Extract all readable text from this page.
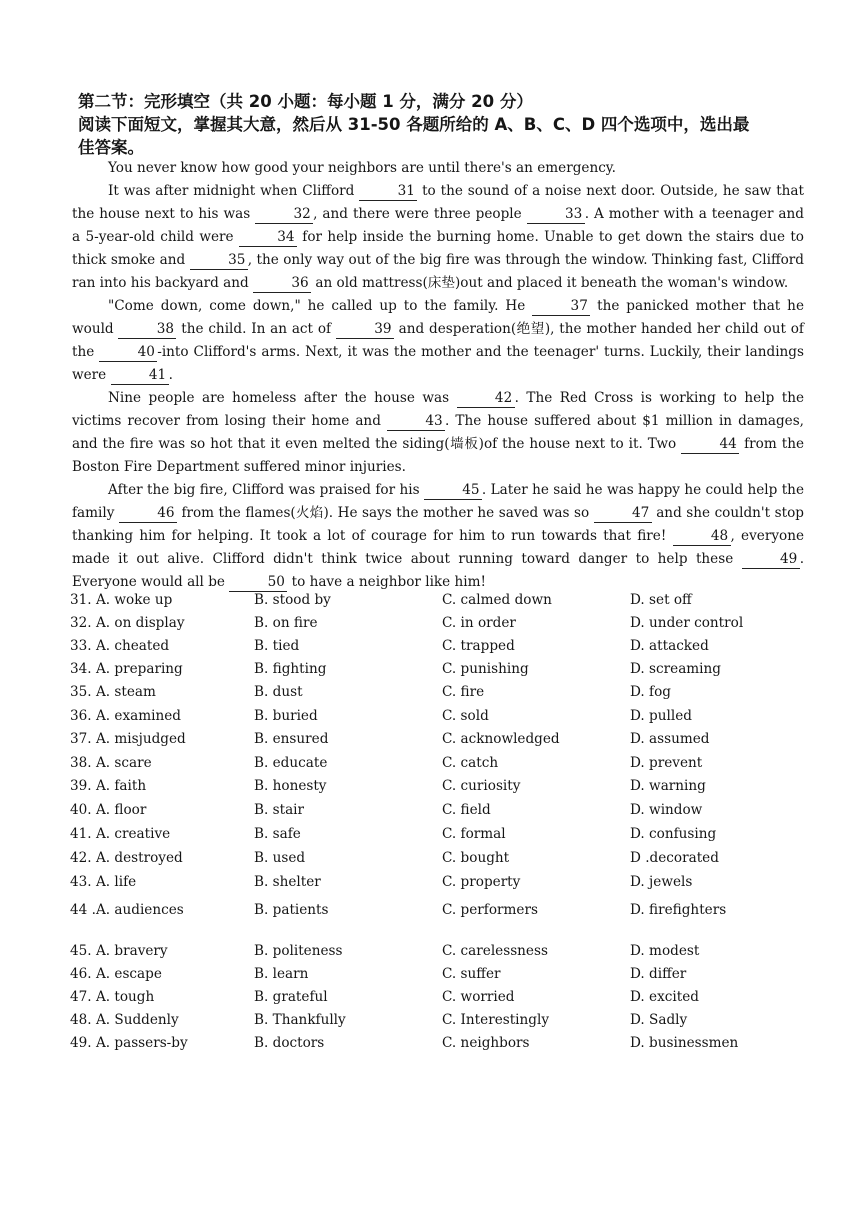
第二节：完形填空（共 20 小题：每小题 1 分，满分 20 分）
阅读下面短文，掌握其大意，然后从 31-50 各题所给的 A、B、C、D 四个选项中，选出最
佳答案。

You never know how good your neighbors are until there's an emergency.

It was after midnight when Clifford	31 to the sound of a noise next door. Outside, he saw that the house next to his was	32 , and there were three people	33 . A mother with a teenager and a 5-year-old child were	34 for help inside the burning home. Unable to get down the stairs due to thick smoke and	35 , the only way out of the big fire was through the window. Thinking fast, Clifford ran into his backyard and	36 an old mattress(床垫)out and placed it beneath the woman's window.

"Come down, come down," he called up to the family. He	37 the panicked mother that he would	38 the child. In an act of	39 and desperation(绝望), the mother handed her child out of the	40 -into Clifford's arms. Next, it was the mother and the teenager' turns. Luckily, their landings were	41 .

Nine people are homeless after the house was	42 . The Red Cross is working to help the victims recover from losing their home and	43 . The house suffered about $1 million in damages, and the fire was so hot that it even melted the siding(墙板)of the house next to it. Two	44 from the Boston Fire Department suffered minor injuries.

After the big fire, Clifford was praised for his	45 . Later he said he was happy he could help the family	46 from the flames(火焰). He says the mother he saved was so	47 and she couldn't stop thanking him for helping. It took a lot of courage for him to run towards that fire!	48 , everyone made it out alive. Clifford didn't think twice about running toward danger to help these	49 . Everyone would all be	50 to have a neighbor like him!

31. A. woke up	B. stood by	C. calmed down	D. set off
32. A. on display	B. on fire	C. in order	D. under control
33. A. cheated	B. tied	C. trapped	D. attacked
34. A. preparing	B. fighting	C. punishing	D. screaming
35. A. steam	B. dust	C. fire	D. fog
36. A. examined	B. buried	C. sold	D. pulled
37. A. misjudged	B. ensured	C. acknowledged	D. assumed
38. A. scare	B. educate	C. catch	D. prevent
39. A. faith	B. honesty	C. curiosity	D. warning
40. A. floor	B. stair	C. field	D. window
41. A. creative	B. safe	C. formal	D. confusing
42. A. destroyed	B. used	C. bought	D .decorated
43. A. life	B. shelter	C. property	D. jewels
44 .A. audiences	B. patients	C. performers	D. firefighters
45. A. bravery	B. politeness	C. carelessness	D. modest
46. A. escape	B. learn	C. suffer	D. differ
47. A. tough	B. grateful	C. worried	D. excited
48. A. Suddenly	B. Thankfully	C. Interestingly	D. Sadly
49. A. passers-by	B. doctors	C. neighbors	D. businessmen
